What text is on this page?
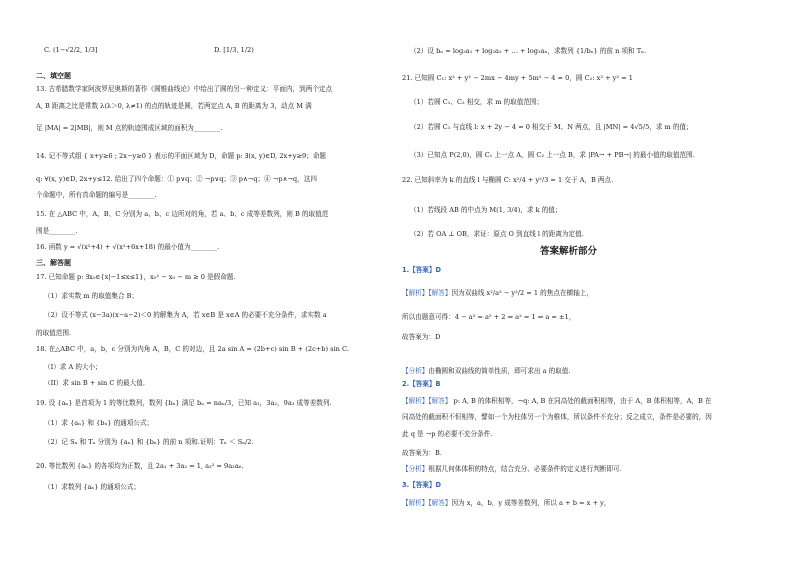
C. (1−√2/2, 1/3]	D. [1/3, 1/2)
二、填空题
13. 古希腊数学家阿波罗尼奥斯的著作《圆锥曲线论》中给出了圆的另一种定义：平面内，到两个定点
A, B 距离之比是常数 λ(λ＞0, λ≠1) 的点的轨迹是圆，若两定点 A, B 的距离为 3，动点 M 满
足 |MA| = 2|MB|，则 M 点的轨迹围成区域的面积为________.
14. 记不等式组 { x+y≥6 ; 2x−y≥0 } 表示的平面区域为 D，命题 p: ∃(x, y)∈D, 2x+y≥9；命题
q: ∀(x, y)∈D, 2x+y≤12. 给出了四个命题：① p∨q；② ¬p∨q；③ p∧¬q；④ ¬p∧¬q，这四
个命题中，所有真命题的编号是________.
15. 在 △ABC 中，A、B、C 分别为 a、b、c 边所对的角，若 a、b、c 成等差数列，则 B 的取值范
围是________.
16. 函数 y = √(x²+4) + √(x²+6x+18) 的最小值为________.
三、解答题
17. 已知命题 p: ∃x₀∈{x|−1≤x≤1}，x₀² − x₀ − m ≥ 0 是假命题.
（1）求实数 m 的取值集合 B；
（2）设不等式 (x−3a)(x−a−2)＜0 的解集为 A，若 x∈B 是 x∈A 的必要不充分条件，求实数 a
的取值范围.
18. 在△ABC 中，a，b，c 分别为内角 A，B，C 的对边，且 2a sin A = (2b+c) sin B + (2c+b) sin C.
（I）求 A 的大小；
（II）求 sin B + sin C 的最大值.
19. 设 {aₙ} 是首项为 1 的等比数列，数列 {bₙ} 满足 bₙ = naₙ/3，已知 a₁，3a₂，9a₃ 成等差数列.
（1）求 {aₙ} 和 {bₙ} 的通项公式；
（2）记 Sₙ 和 Tₙ 分别为 {aₙ} 和 {bₙ} 的前 n 项和.证明：Tₙ ＜ Sₙ/2.
20. 等比数列 {aₙ} 的各项均为正数，且 2a₁ + 3a₂ = 1, a₃² = 9a₂a₆.
（1）求数列 {aₙ} 的通项公式；
（2）设 bₙ = log₃a₁ + log₃a₂ + … + log₃aₙ，求数列 {1/bₙ} 的前 n 项和 Tₙ.
21. 已知圆 C₁: x² + y² − 2mx − 4my + 5m² − 4 = 0，圆 C₂: x² + y² = 1
（1）若圆 C₁、C₂ 相交，求 m 的取值范围；
（2）若圆 C₁ 与直线 l: x + 2y − 4 = 0 相交于 M、N 两点，且 |MN| = 4√5/5，求 m 的值；
（3）已知点 P(2,0)，圆 C₁ 上一点 A，圆 C₂ 上一点 B，求 |PA→ + PB→| 的最小值的取值范围.
22. 已知斜率为 k 的直线 l 与椭圆 C: x²/4 + y²/3 = 1 交于 A，B 两点.
（1）若线段 AB 的中点为 M(1, 3/4)，求 k 的值；
（2）若 OA ⊥ OB，求证：原点 O 到直线 l 的距离为定值.
答案解析部分
1.【答案】D
【解析】【解答】因为双曲线 x²/a² − y²/2 = 1 的焦点在横轴上，
所以由题意可得：4 − a² = a² + 2 ⇒ a² = 1 ⇒ a = ±1，
故答案为：D
【分析】由椭圆和双曲线的简单性质，即可求出 a 的取值.
2.【答案】B
【解析】【解答】 p: A, B 的体积相等，¬q: A, B 在同高处的截面积相等，由于 A，B 体积相等，A，B 在
同高处的截面积不恒相等，譬如一个为柱体另一个为椎体，所以条件不充分；反之成立，条件是必要的，因
此 q 是 ¬p 的必要不充分条件.
故答案为：B.
【分析】根据几何体体积的特点，结合充分、必要条件的定义进行判断即可.
3.【答案】D
【解析】【解答】因为 x，a，b，y 成等差数列，所以 a + b = x + y，
